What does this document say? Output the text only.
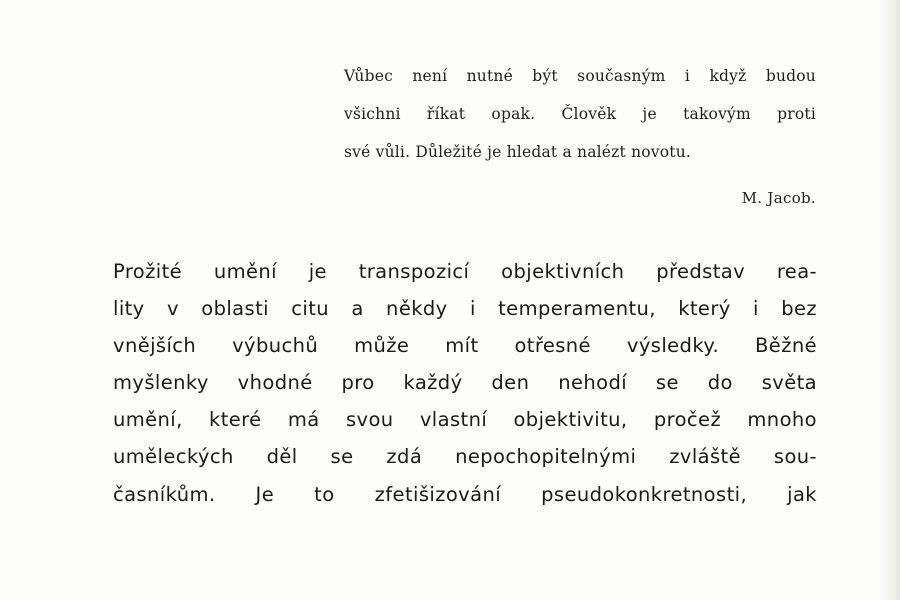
Vůbec není nutné být současným i když budou
všichni říkat opak. Člověk je takovým proti
své vůli. Důležité je hledat a nalézt novotu.
M. Jacob.
Prožité umění je transpozicí objektivních představ rea-
lity v oblasti citu a někdy i temperamentu, který i bez
vnějších výbuchů může mít otřesné výsledky. Běžné
myšlenky vhodné pro každý den nehodí se do světa
umění, které má svou vlastní objektivitu, pročež mnoho
uměleckých děl se zdá nepochopitelnými zvláště sou-
časníkům. Je to zfetišizování pseudokonkretnosti, jak
